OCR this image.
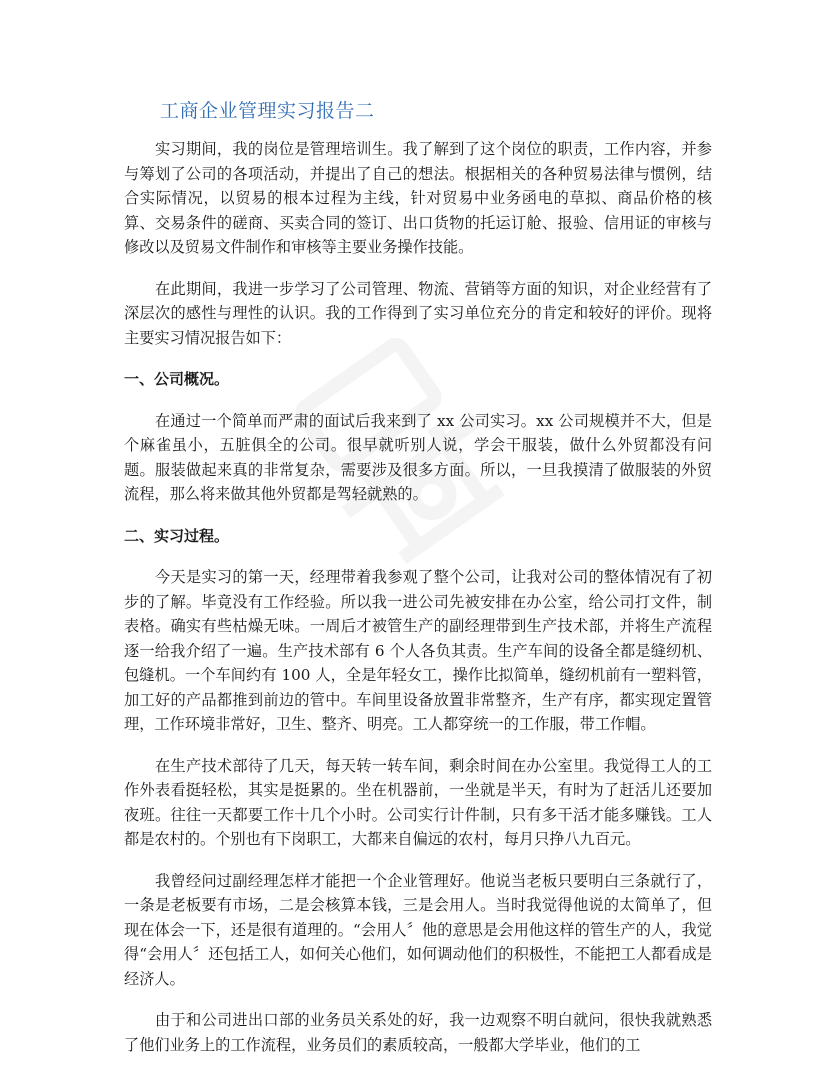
工商企业管理实习报告二

实习期间，我的岗位是管理培训生。我了解到了这个岗位的职责，工作内容，并参与筹划了公司的各项活动，并提出了自己的想法。根据相关的各种贸易法律与惯例，结合实际情况，以贸易的根本过程为主线，针对贸易中业务函电的草拟、商品价格的核算、交易条件的磋商、买卖合同的签订、出口货物的托运订舱、报验、信用证的审核与修改以及贸易文件制作和审核等主要业务操作技能。

在此期间，我进一步学习了公司管理、物流、营销等方面的知识，对企业经营有了深层次的感性与理性的认识。我的工作得到了实习单位充分的肯定和较好的评价。现将主要实习情况报告如下：

一、公司概况。

在通过一个简单而严肃的面试后我来到了 xx 公司实习。xx 公司规模并不大，但是个麻雀虽小，五脏俱全的公司。很早就听别人说，学会干服装，做什么外贸都没有问题。服装做起来真的非常复杂，需要涉及很多方面。所以，一旦我摸清了做服装的外贸流程，那么将来做其他外贸都是驾轻就熟的。

二、实习过程。

今天是实习的第一天，经理带着我参观了整个公司，让我对公司的整体情况有了初步的了解。毕竟没有工作经验。所以我一进公司先被安排在办公室，给公司打文件，制表格。确实有些枯燥无味。一周后才被管生产的副经理带到生产技术部，并将生产流程逐一给我介绍了一遍。生产技术部有 6 个人各负其责。生产车间的设备全都是缝纫机、包缝机。一个车间约有 100 人，全是年轻女工，操作比拟简单，缝纫机前有一塑料管，加工好的产品都推到前边的管中。车间里设备放置非常整齐，生产有序，都实现定置管理，工作环境非常好，卫生、整齐、明亮。工人都穿统一的工作服，带工作帽。

在生产技术部待了几天，每天转一转车间，剩余时间在办公室里。我觉得工人的工作外表看挺轻松，其实是挺累的。坐在机器前，一坐就是半天，有时为了赶活儿还要加夜班。往往一天都要工作十几个小时。公司实行计件制，只有多干活才能多赚钱。工人都是农村的。个别也有下岗职工，大都来自偏远的农村，每月只挣八九百元。

我曾经问过副经理怎样才能把一个企业管理好。他说当老板只要明白三条就行了，一条是老板要有市场，二是会核算本钱，三是会用人。当时我觉得他说的太简单了，但现在体会一下，还是很有道理的。“会用人〞他的意思是会用他这样的管生产的人，我觉得“会用人〞还包括工人，如何关心他们，如何调动他们的积极性，不能把工人都看成是经济人。

由于和公司进出口部的业务员关系处的好，我一边观察不明白就问，很快我就熟悉了他们业务上的工作流程，业务员们的素质较高，一般都大学毕业，他们的工
